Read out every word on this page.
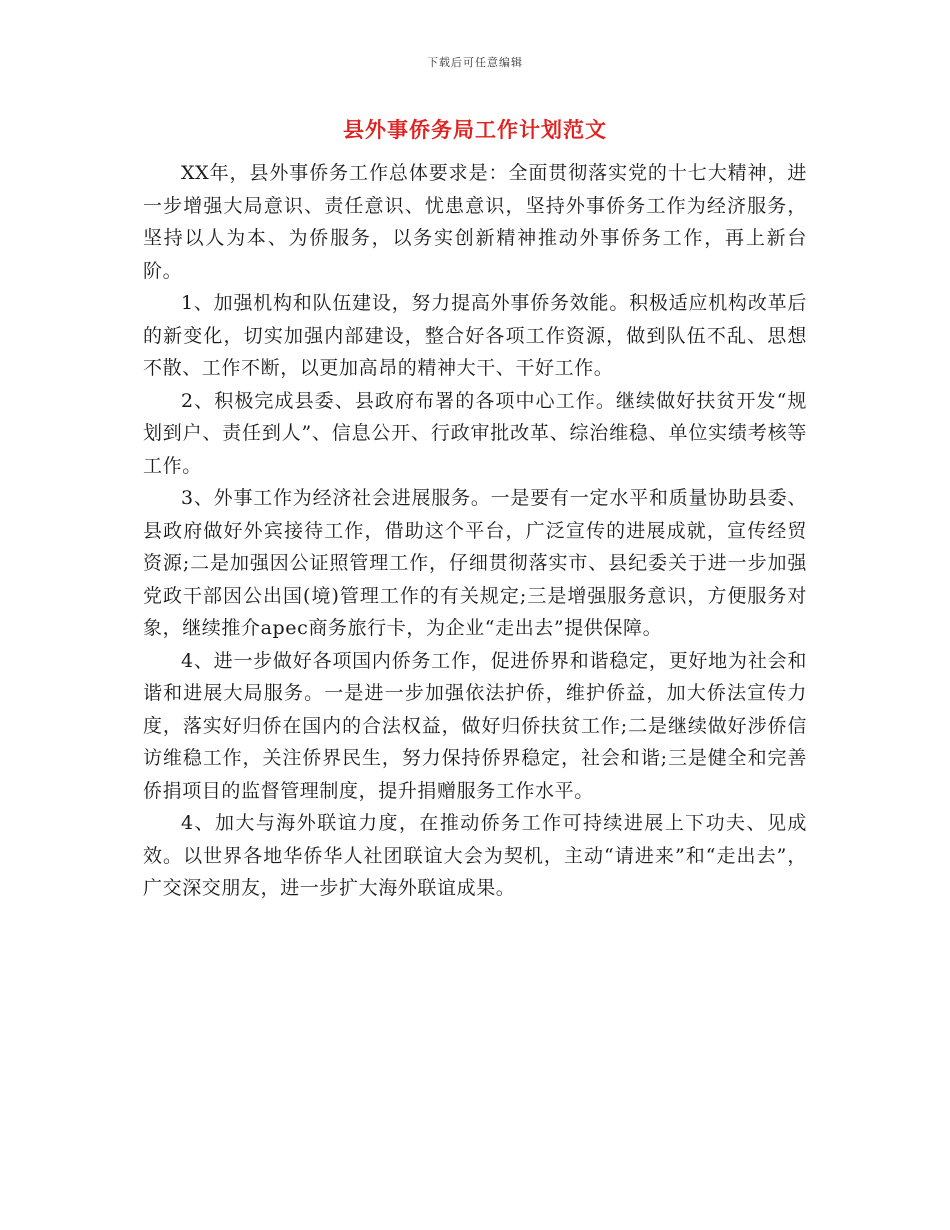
下载后可任意编辑
县外事侨务局工作计划范文

XX年，县外事侨务工作总体要求是：全面贯彻落实党的十七大精神，进一步增强大局意识、责任意识、忧患意识，坚持外事侨务工作为经济服务，坚持以人为本、为侨服务，以务实创新精神推动外事侨务工作，再上新台阶。

1、加强机构和队伍建设，努力提高外事侨务效能。积极适应机构改革后的新变化，切实加强内部建设，整合好各项工作资源，做到队伍不乱、思想不散、工作不断，以更加高昂的精神大干、干好工作。

2、积极完成县委、县政府布署的各项中心工作。继续做好扶贫开发“规划到户、责任到人”、信息公开、行政审批改革、综治维稳、单位实绩考核等工作。

3、外事工作为经济社会进展服务。一是要有一定水平和质量协助县委、县政府做好外宾接待工作，借助这个平台，广泛宣传的进展成就，宣传经贸资源;二是加强因公证照管理工作，仔细贯彻落实市、县纪委关于进一步加强党政干部因公出国(境)管理工作的有关规定;三是增强服务意识，方便服务对象，继续推介apec商务旅行卡，为企业“走出去”提供保障。

4、进一步做好各项国内侨务工作，促进侨界和谐稳定，更好地为社会和谐和进展大局服务。一是进一步加强依法护侨，维护侨益，加大侨法宣传力度，落实好归侨在国内的合法权益，做好归侨扶贫工作;二是继续做好涉侨信访维稳工作，关注侨界民生，努力保持侨界稳定，社会和谐;三是健全和完善侨捐项目的监督管理制度，提升捐赠服务工作水平。

4、加大与海外联谊力度，在推动侨务工作可持续进展上下功夫、见成效。以世界各地华侨华人社团联谊大会为契机，主动“请进来”和“走出去”，广交深交朋友，进一步扩大海外联谊成果。
